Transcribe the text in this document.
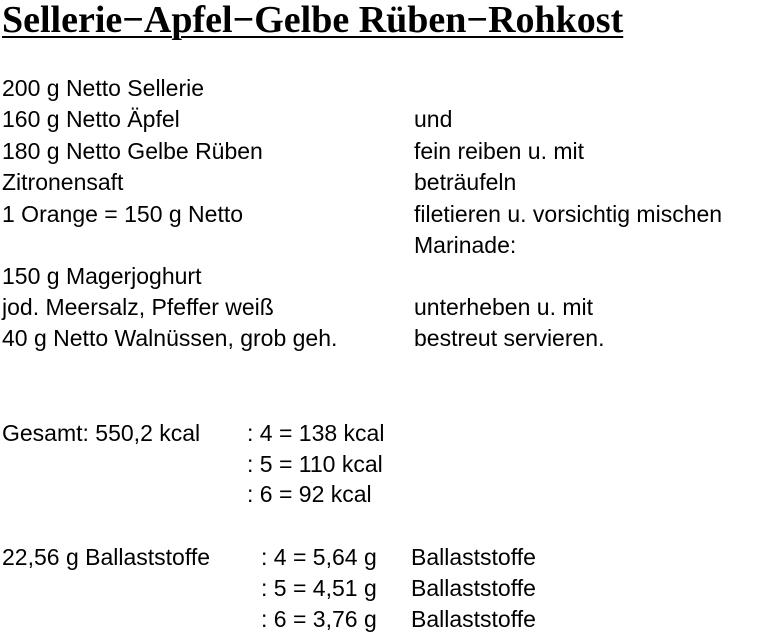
Sellerie−Apfel−Gelbe Rüben−Rohkost
200 g Netto Sellerie
160 g Netto Äpfel
180 g Netto Gelbe Rüben
Zitronensaft
1 Orange = 150 g Netto
150 g Magerjoghurt
jod. Meersalz, Pfeffer weiß
40 g Netto Walnüssen, grob geh.
und
fein reiben u. mit
beträufeln
filetieren u. vorsichtig mischen
Marinade:
unterheben u. mit
bestreut servieren.
Gesamt: 550,2 kcal : 4 = 138 kcal
: 5 = 110 kcal
: 6 = 92 kcal
22,56 g Ballaststoffe : 4 = 5,64 g
: 5 = 4,51 g
: 6 = 3,76 g
Ballaststoffe
Ballaststoffe
Ballaststoffe
